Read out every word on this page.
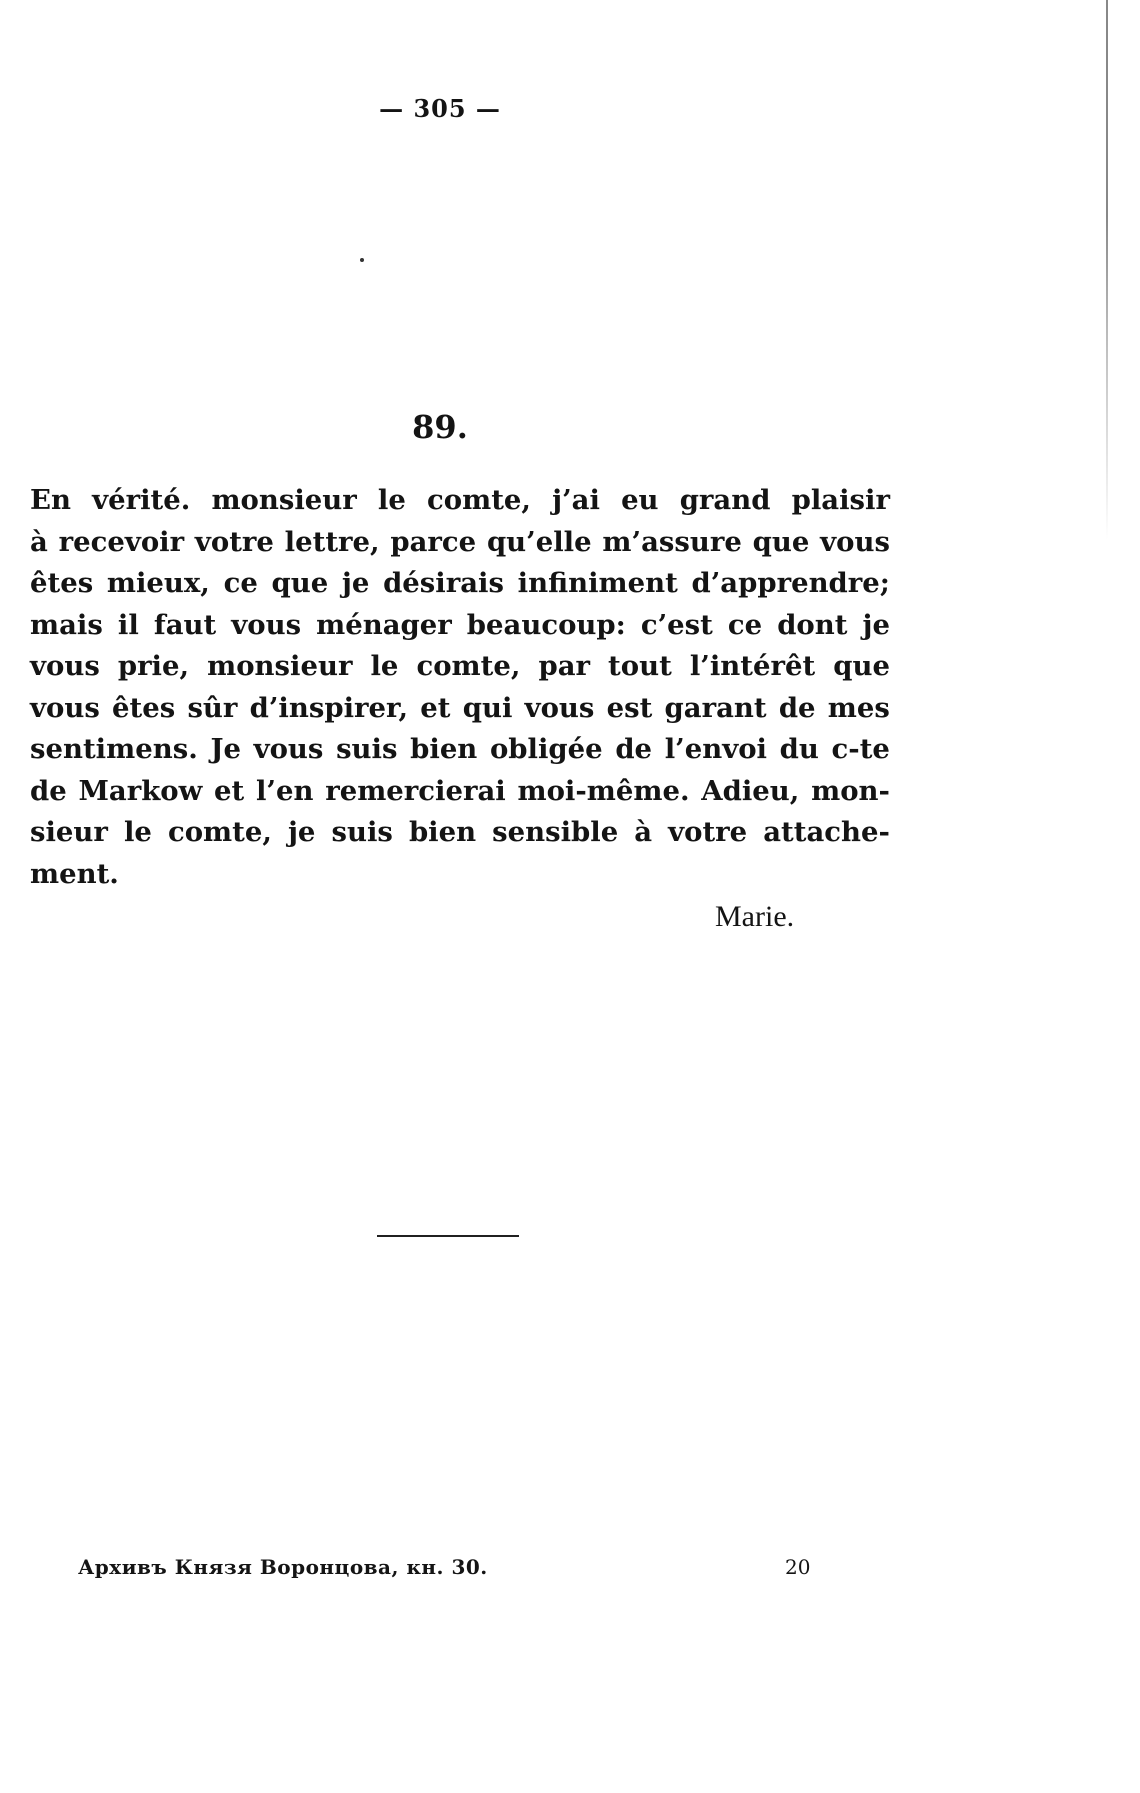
— 305 —
89.
En vérité. monsieur le comte, j’ai eu grand plaisir
à recevoir votre lettre, parce qu’elle m’assure que vous
êtes mieux, ce que je désirais infiniment d’apprendre;
mais il faut vous ménager beaucoup: c’est ce dont je
vous prie, monsieur le comte, par tout l’intérêt que
vous êtes sûr d’inspirer, et qui vous est garant de mes
sentimens. Je vous suis bien obligée de l’envoi du c-te
de Markow et l’en remercierai moi-même. Adieu, mon-
sieur le comte, je suis bien sensible à votre attache-
ment.
Marie.
Архивъ Князя Воронцова, кн. 30.	20
